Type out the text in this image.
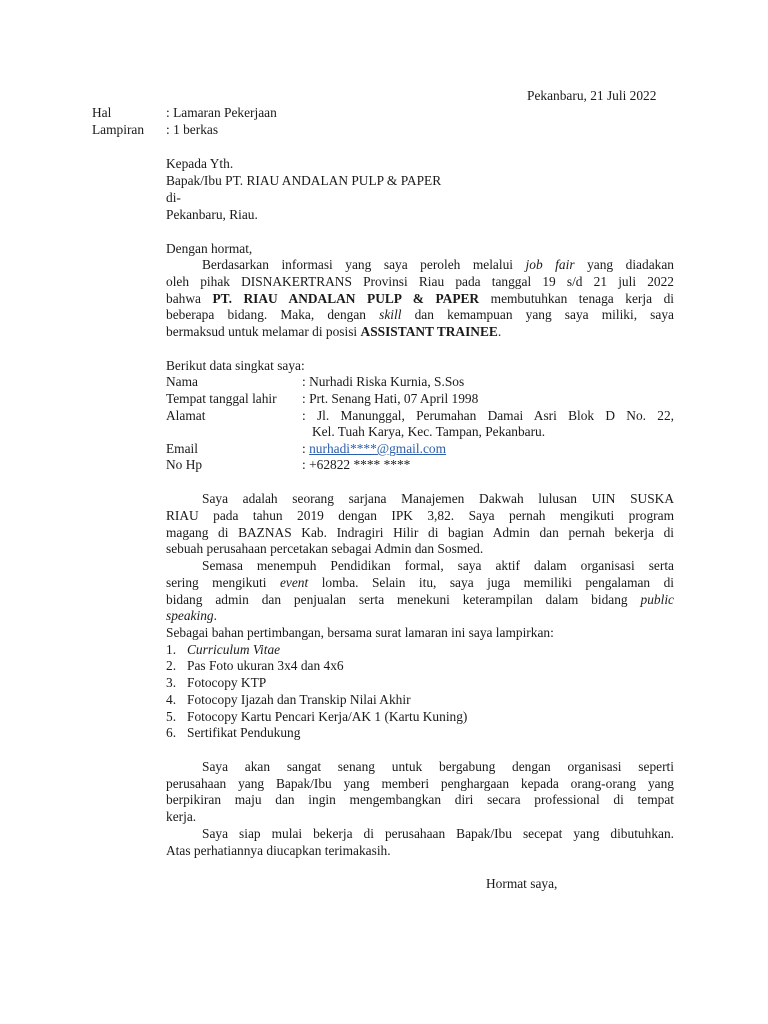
Pekanbaru, 21 Juli 2022
Hal	: Lamaran Pekerjaan
Lampiran : 1 berkas
Kepada Yth.
Bapak/Ibu PT. RIAU ANDALAN PULP & PAPER
di-
Pekanbaru, Riau.
Dengan hormat,
Berdasarkan informasi yang saya peroleh melalui job fair yang diadakan
oleh pihak DISNAKERTRANS Provinsi Riau pada tanggal 19 s/d 21 juli 2022
bahwa PT. RIAU ANDALAN PULP & PAPER membutuhkan tenaga kerja di
beberapa bidang. Maka, dengan skill dan kemampuan yang saya miliki, saya
bermaksud untuk melamar di posisi ASSISTANT TRAINEE.
Berikut data singkat saya:
Nama	: Nurhadi Riska Kurnia, S.Sos
Tempat tanggal lahir : Prt. Senang Hati, 07 April 1998
Alamat	: Jl. Manunggal, Perumahan Damai Asri Blok D No. 22,
Kel. Tuah Karya, Kec. Tampan, Pekanbaru.
Email	: nurhadi****@gmail.com
No Hp	: +62822 **** ****
Saya adalah seorang sarjana Manajemen Dakwah lulusan UIN SUSKA
RIAU pada tahun 2019 dengan IPK 3,82. Saya pernah mengikuti program
magang di BAZNAS Kab. Indragiri Hilir di bagian Admin dan pernah bekerja di
sebuah perusahaan percetakan sebagai Admin dan Sosmed.
Semasa menempuh Pendidikan formal, saya aktif dalam organisasi serta
sering mengikuti event lomba. Selain itu, saya juga memiliki pengalaman di
bidang admin dan penjualan serta menekuni keterampilan dalam bidang public
speaking.
Sebagai bahan pertimbangan, bersama surat lamaran ini saya lampirkan:
1. Curriculum Vitae
2. Pas Foto ukuran 3x4 dan 4x6
3. Fotocopy KTP
4. Fotocopy Ijazah dan Transkip Nilai Akhir
5. Fotocopy Kartu Pencari Kerja/AK 1 (Kartu Kuning)
6. Sertifikat Pendukung
Saya akan sangat senang untuk bergabung dengan organisasi seperti
perusahaan yang Bapak/Ibu yang memberi penghargaan kepada orang-orang yang
berpikiran maju dan ingin mengembangkan diri secara professional di tempat
kerja.
Saya siap mulai bekerja di perusahaan Bapak/Ibu secepat yang dibutuhkan.
Atas perhatiannya diucapkan terimakasih.
Hormat saya,
